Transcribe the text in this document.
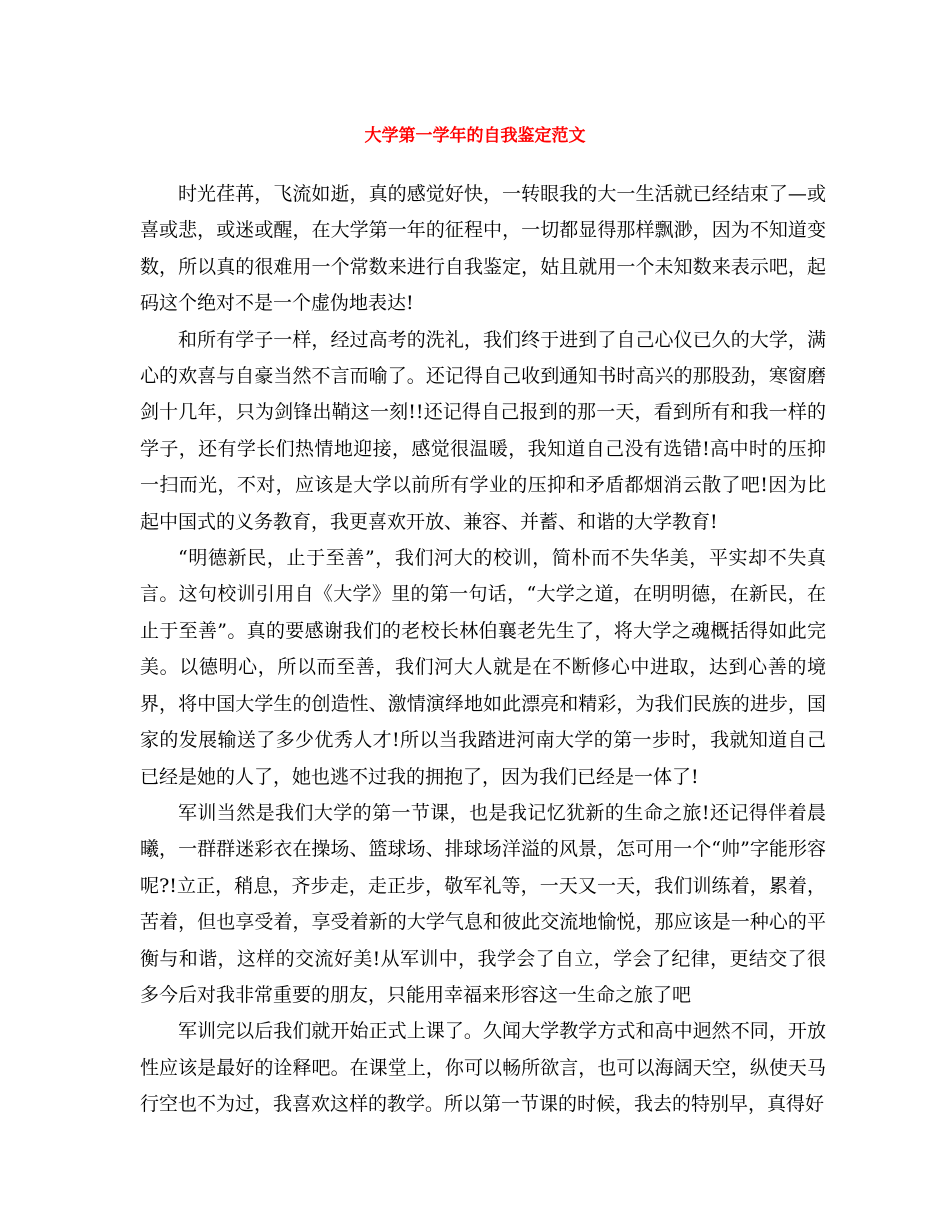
大学第一学年的自我鉴定范文

时光荏苒，飞流如逝，真的感觉好快，一转眼我的大一生活就已经结束了—或喜或悲，或迷或醒，在大学第一年的征程中，一切都显得那样飘渺，因为不知道变数，所以真的很难用一个常数来进行自我鉴定，姑且就用一个未知数来表示吧，起码这个绝对不是一个虚伪地表达!

和所有学子一样，经过高考的洗礼，我们终于进到了自己心仪已久的大学，满心的欢喜与自豪当然不言而喻了。还记得自己收到通知书时高兴的那股劲，寒窗磨剑十几年，只为剑锋出鞘这一刻!!还记得自己报到的那一天，看到所有和我一样的学子，还有学长们热情地迎接，感觉很温暖，我知道自己没有选错!高中时的压抑一扫而光，不对，应该是大学以前所有学业的压抑和矛盾都烟消云散了吧!因为比起中国式的义务教育，我更喜欢开放、兼容、并蓄、和谐的大学教育!

“明德新民，止于至善”，我们河大的校训，简朴而不失华美，平实却不失真言。这句校训引用自《大学》里的第一句话，“大学之道，在明明德，在新民，在止于至善”。真的要感谢我们的老校长林伯襄老先生了，将大学之魂概括得如此完美。以德明心，所以而至善，我们河大人就是在不断修心中进取，达到心善的境界，将中国大学生的创造性、激情演绎地如此漂亮和精彩，为我们民族的进步，国家的发展输送了多少优秀人才!所以当我踏进河南大学的第一步时，我就知道自己已经是她的人了，她也逃不过我的拥抱了，因为我们已经是一体了!

军训当然是我们大学的第一节课，也是我记忆犹新的生命之旅!还记得伴着晨曦，一群群迷彩衣在操场、篮球场、排球场洋溢的风景，怎可用一个“帅”字能形容呢?!立正，稍息，齐步走，走正步，敬军礼等，一天又一天，我们训练着，累着，苦着，但也享受着，享受着新的大学气息和彼此交流地愉悦，那应该是一种心的平衡与和谐，这样的交流好美!从军训中，我学会了自立，学会了纪律，更结交了很多今后对我非常重要的朋友，只能用幸福来形容这一生命之旅了吧

军训完以后我们就开始正式上课了。久闻大学教学方式和高中迥然不同，开放性应该是最好的诠释吧。在课堂上，你可以畅所欲言，也可以海阔天空，纵使天马行空也不为过，我喜欢这样的教学。所以第一节课的时候，我去的特别早，真得好
